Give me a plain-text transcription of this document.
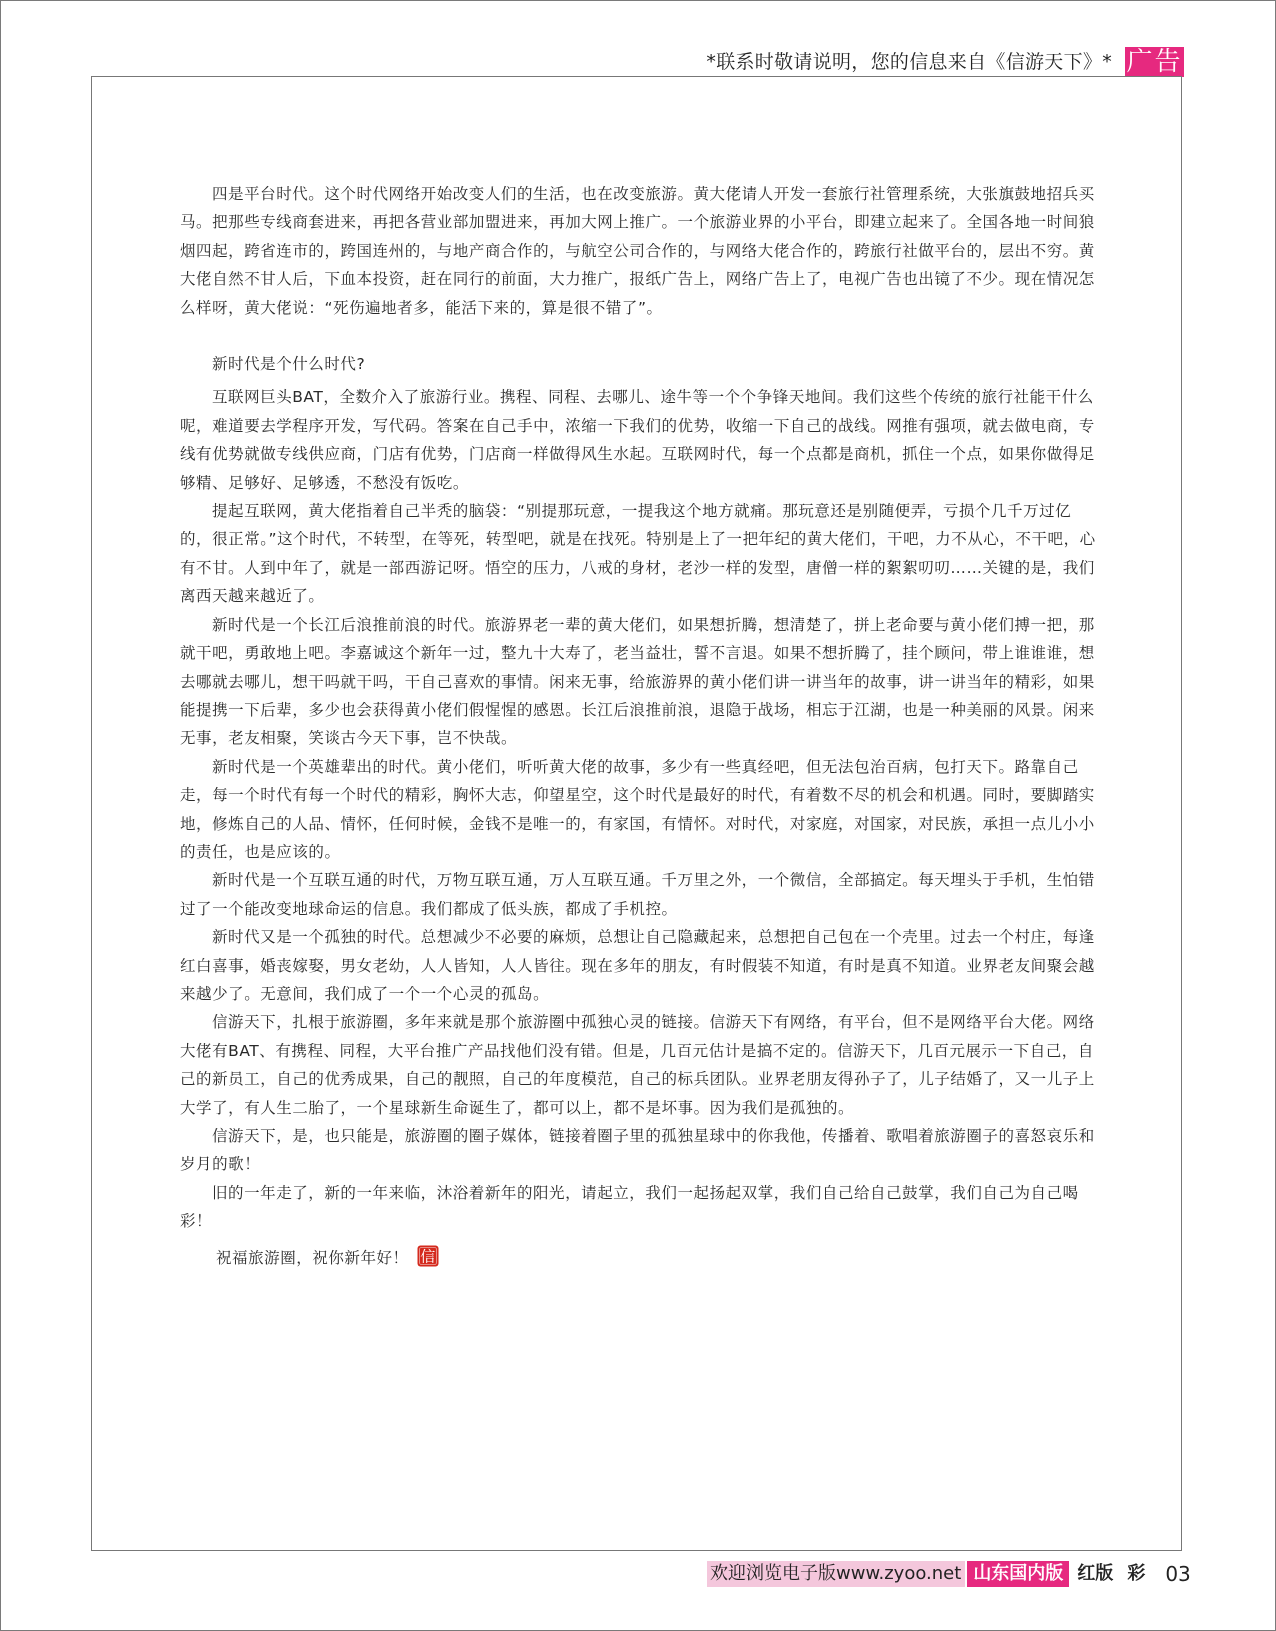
*联系时敬请说明，您的信息来自《信游天下》* 广告

四是平台时代。这个时代网络开始改变人们的生活，也在改变旅游。黄大佬请人开发一套旅行社管理系统，大张旗鼓地招兵买马。把那些专线商套进来，再把各营业部加盟进来，再加大网上推广。一个旅游业界的小平台，即建立起来了。全国各地一时间狼烟四起，跨省连市的，跨国连州的，与地产商合作的，与航空公司合作的，与网络大佬合作的，跨旅行社做平台的，层出不穷。黄大佬自然不甘人后，下血本投资，赶在同行的前面，大力推广，报纸广告上，网络广告上了，电视广告也出镜了不少。现在情况怎么样呀，黄大佬说：“死伤遍地者多，能活下来的，算是很不错了”。

新时代是个什么时代?

互联网巨头BAT，全数介入了旅游行业。携程、同程、去哪儿、途牛等一个个争锋天地间。我们这些个传统的旅行社能干什么呢，难道要去学程序开发，写代码。答案在自己手中，浓缩一下我们的优势，收缩一下自己的战线。网推有强项，就去做电商，专线有优势就做专线供应商，门店有优势，门店商一样做得风生水起。互联网时代，每一个点都是商机，抓住一个点，如果你做得足够精、足够好、足够透，不愁没有饭吃。

提起互联网，黄大佬指着自己半秃的脑袋：“别提那玩意，一提我这个地方就痛。那玩意还是别随便弄，亏损个几千万过亿的，很正常。”这个时代，不转型，在等死，转型吧，就是在找死。特别是上了一把年纪的黄大佬们，干吧，力不从心，不干吧，心有不甘。人到中年了，就是一部西游记呀。悟空的压力，八戒的身材，老沙一样的发型，唐僧一样的絮絮叨叨……关键的是，我们离西天越来越近了。

新时代是一个长江后浪推前浪的时代。旅游界老一辈的黄大佬们，如果想折腾，想清楚了，拼上老命要与黄小佬们搏一把，那就干吧，勇敢地上吧。李嘉诚这个新年一过，整九十大寿了，老当益壮，誓不言退。如果不想折腾了，挂个顾问，带上谁谁谁，想去哪就去哪儿，想干吗就干吗，干自己喜欢的事情。闲来无事，给旅游界的黄小佬们讲一讲当年的故事，讲一讲当年的精彩，如果能提携一下后辈，多少也会获得黄小佬们假惺惺的感恩。长江后浪推前浪，退隐于战场，相忘于江湖，也是一种美丽的风景。闲来无事，老友相聚，笑谈古今天下事，岂不快哉。

新时代是一个英雄辈出的时代。黄小佬们，听听黄大佬的故事，多少有一些真经吧，但无法包治百病，包打天下。路靠自己走，每一个时代有每一个时代的精彩，胸怀大志，仰望星空，这个时代是最好的时代，有着数不尽的机会和机遇。同时，要脚踏实地，修炼自己的人品、情怀，任何时候，金钱不是唯一的，有家国，有情怀。对时代，对家庭，对国家，对民族，承担一点儿小小的责任，也是应该的。

新时代是一个互联互通的时代，万物互联互通，万人互联互通。千万里之外，一个微信，全部搞定。每天埋头于手机，生怕错过了一个能改变地球命运的信息。我们都成了低头族，都成了手机控。

新时代又是一个孤独的时代。总想减少不必要的麻烦，总想让自己隐藏起来，总想把自己包在一个壳里。过去一个村庄，每逢红白喜事，婚丧嫁娶，男女老幼，人人皆知，人人皆往。现在多年的朋友，有时假装不知道，有时是真不知道。业界老友间聚会越来越少了。无意间，我们成了一个一个心灵的孤岛。

信游天下，扎根于旅游圈，多年来就是那个旅游圈中孤独心灵的链接。信游天下有网络，有平台，但不是网络平台大佬。网络大佬有BAT、有携程、同程，大平台推广产品找他们没有错。但是，几百元估计是搞不定的。信游天下，几百元展示一下自己，自己的新员工，自己的优秀成果，自己的靓照，自己的年度模范，自己的标兵团队。业界老朋友得孙子了，儿子结婚了，又一儿子上大学了，有人生二胎了，一个星球新生命诞生了，都可以上，都不是坏事。因为我们是孤独的。

信游天下，是，也只能是，旅游圈的圈子媒体，链接着圈子里的孤独星球中的你我他，传播着、歌唱着旅游圈子的喜怒哀乐和岁月的歌！

旧的一年走了，新的一年来临，沐浴着新年的阳光，请起立，我们一起扬起双掌，我们自己给自己鼓掌，我们自己为自己喝彩！

祝福旅游圈，祝你新年好！ 信

欢迎浏览电子版www.zyoo.net 山东国内版 红版 彩 03
